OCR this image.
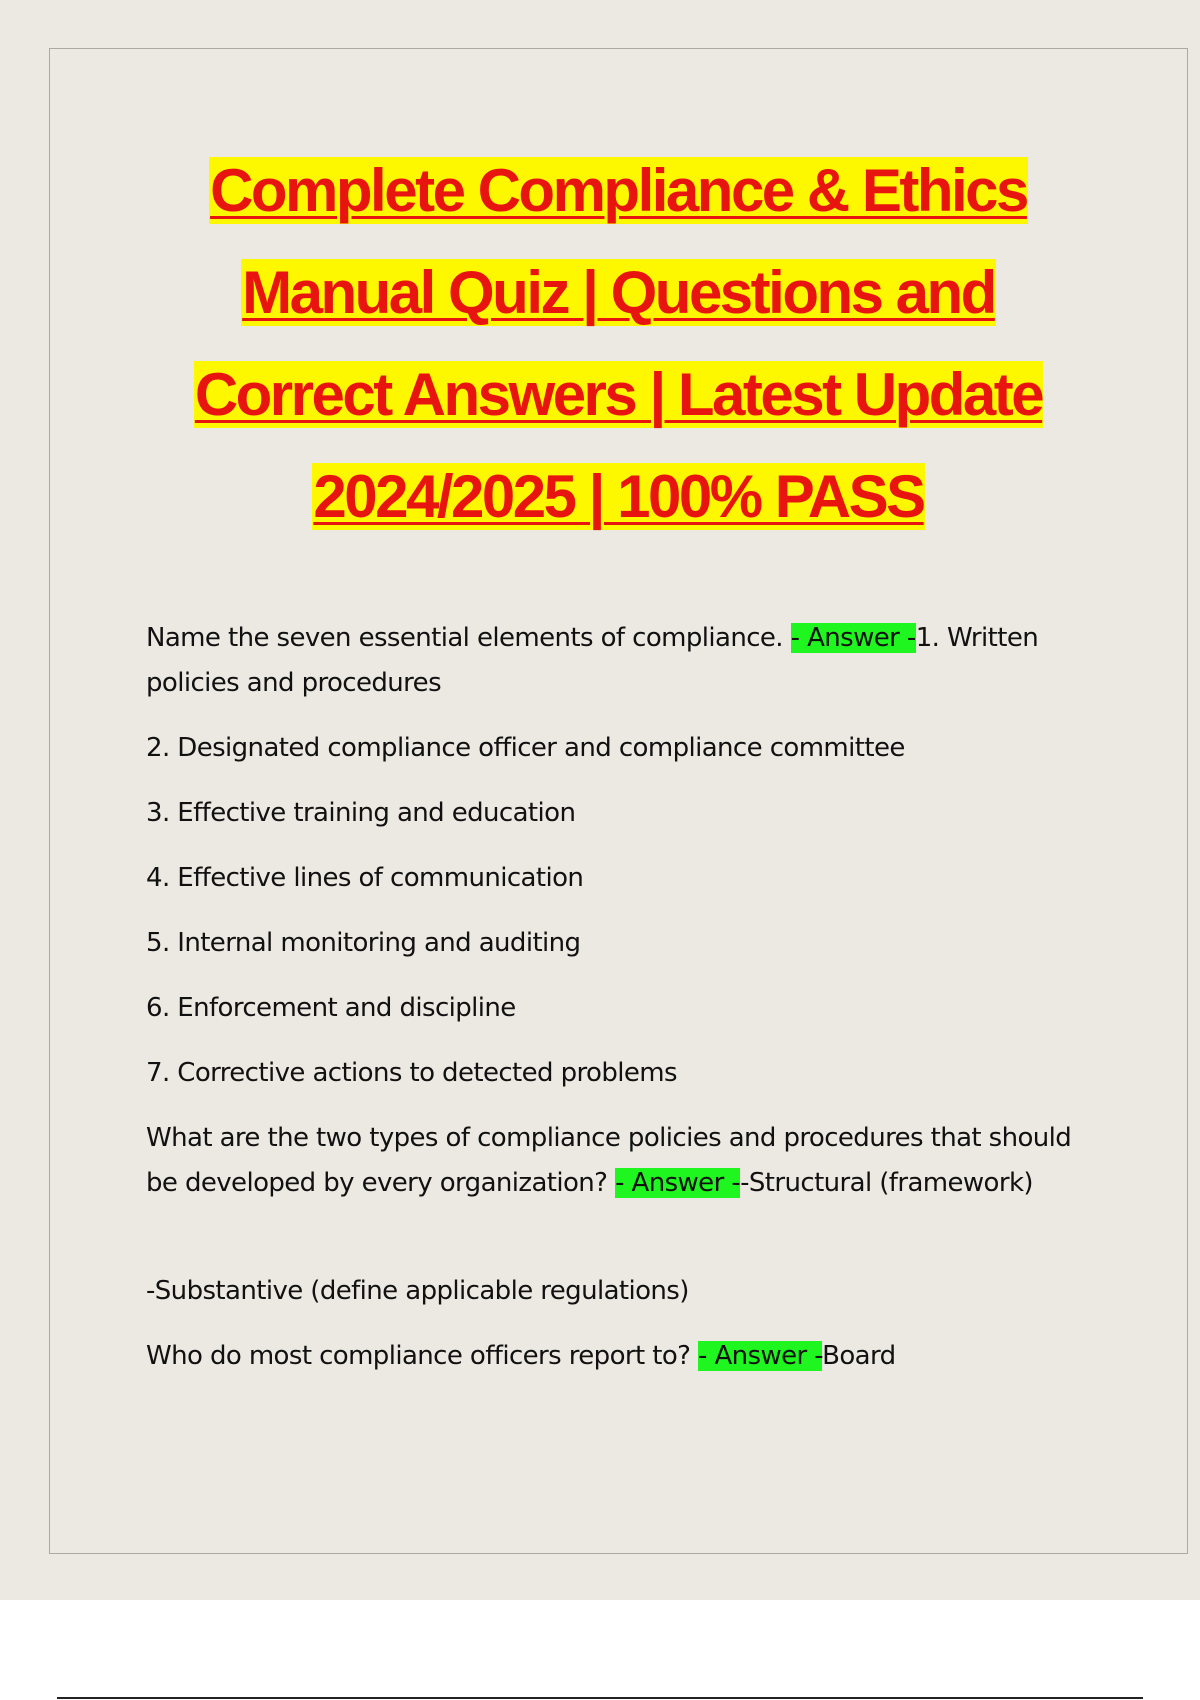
Complete Compliance & Ethics
Manual Quiz | Questions and
Correct Answers | Latest Update
2024/2025 | 100% PASS

Name the seven essential elements of compliance. - Answer -1. Written policies and procedures

2. Designated compliance officer and compliance committee

3. Effective training and education

4. Effective lines of communication

5. Internal monitoring and auditing

6. Enforcement and discipline

7. Corrective actions to detected problems

What are the two types of compliance policies and procedures that should be developed by every organization? - Answer --Structural (framework)

-Substantive (define applicable regulations)

Who do most compliance officers report to? - Answer -Board
